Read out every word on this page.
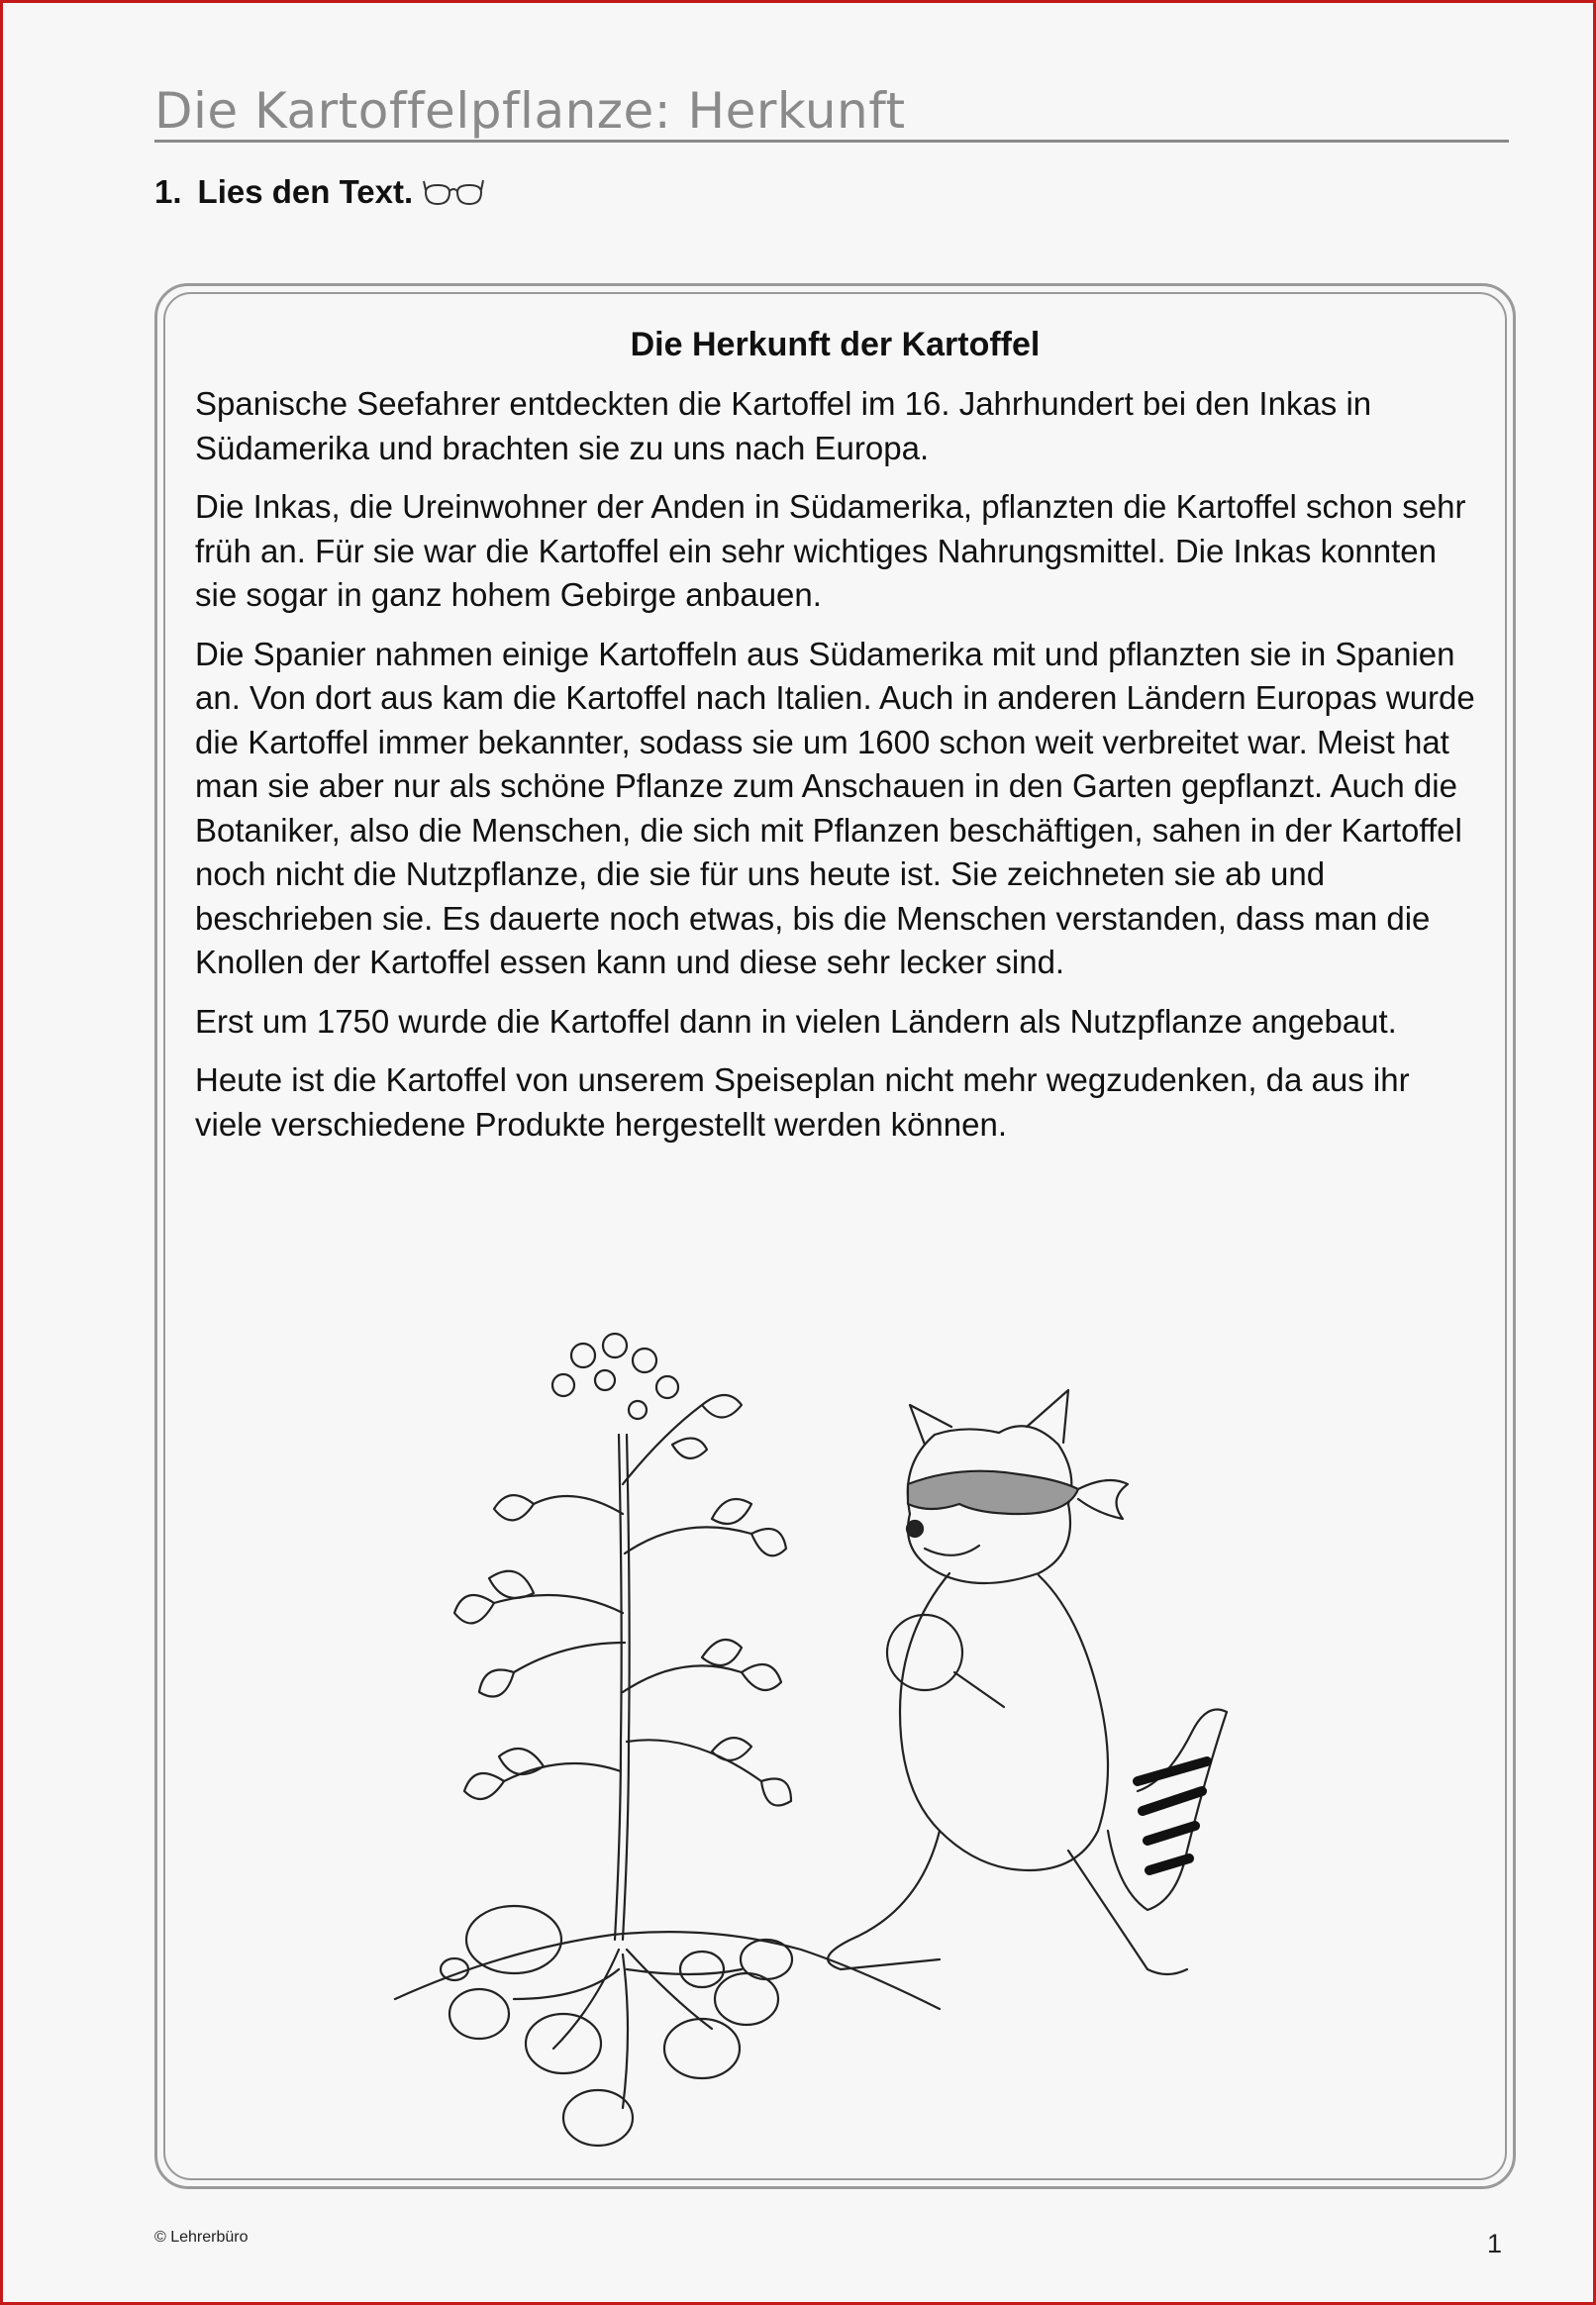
Die Kartoffelpflanze: Herkunft
1. Lies den Text.
Die Herkunft der Kartoffel

Spanische Seefahrer entdeckten die Kartoffel im 16. Jahrhundert bei den Inkas in Südamerika und brachten sie zu uns nach Europa.

Die Inkas, die Ureinwohner der Anden in Südamerika, pflanzten die Kartoffel schon sehr früh an. Für sie war die Kartoffel ein sehr wichtiges Nahrungsmittel. Die Inkas konnten sie sogar in ganz hohem Gebirge anbauen.

Die Spanier nahmen einige Kartoffeln aus Südamerika mit und pflanzten sie in Spanien an. Von dort aus kam die Kartoffel nach Italien. Auch in anderen Ländern Europas wurde die Kartoffel immer bekannter, sodass sie um 1600 schon weit verbreitet war. Meist hat man sie aber nur als schöne Pflanze zum Anschauen in den Garten gepflanzt. Auch die Botaniker, also die Menschen, die sich mit Pflanzen beschäftigen, sahen in der Kartoffel noch nicht die Nutzpflanze, die sie für uns heute ist. Sie zeichneten sie ab und beschrieben sie. Es dauerte noch etwas, bis die Menschen verstanden, dass man die Knollen der Kartoffel essen kann und diese sehr lecker sind.

Erst um 1750 wurde die Kartoffel dann in vielen Ländern als Nutzpflanze angebaut.

Heute ist die Kartoffel von unserem Speiseplan nicht mehr wegzudenken, da aus ihr viele verschiedene Produkte hergestellt werden können.

© Lehrerbüro	1
